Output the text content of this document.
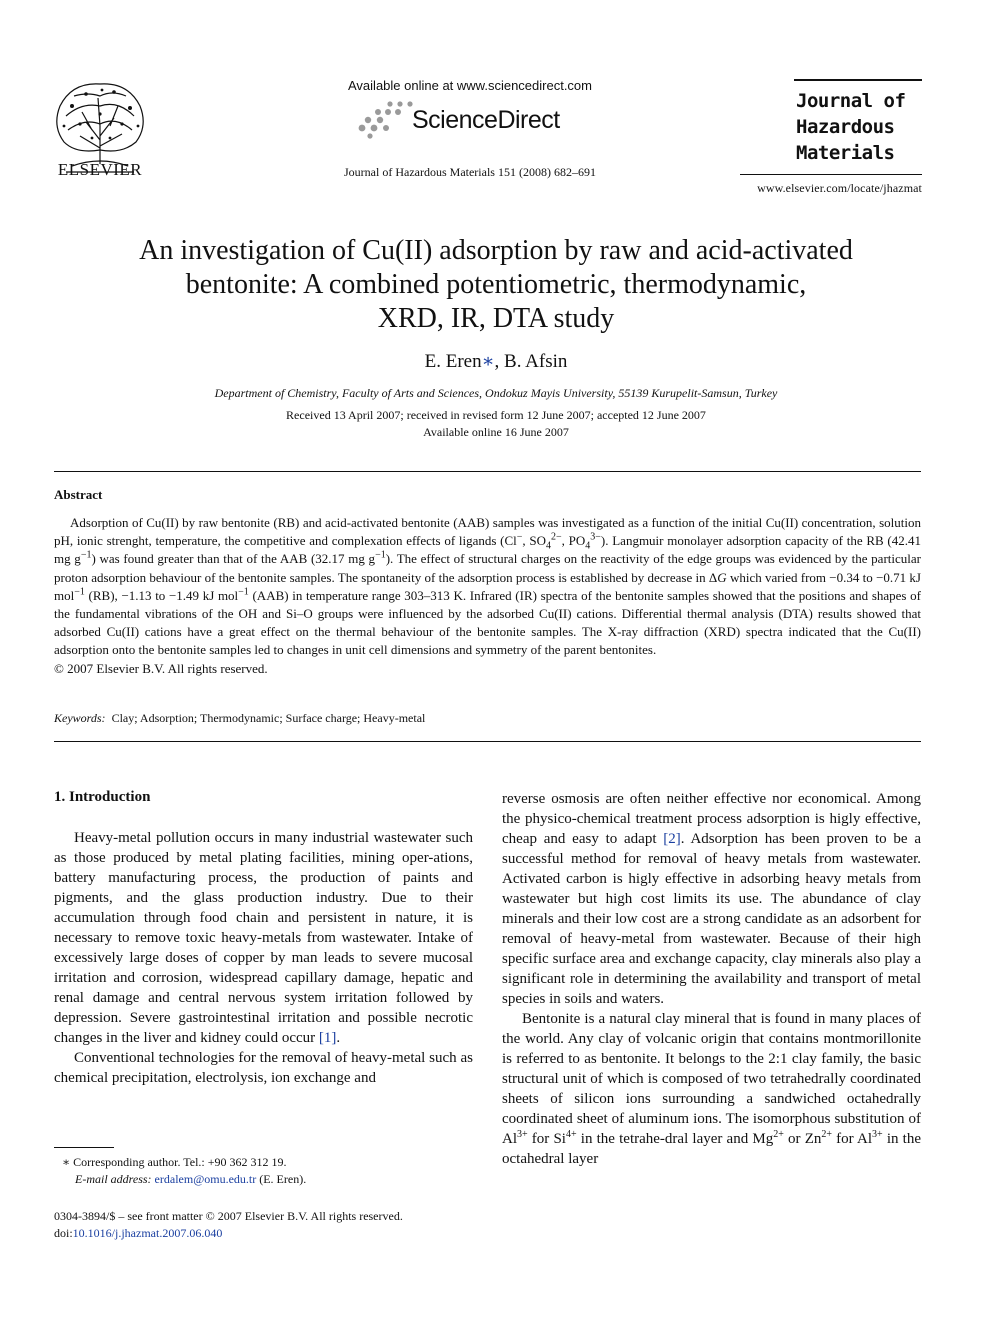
ELSEVIER
Available online at www.sciencedirect.com
ScienceDirect
Journal of Hazardous Materials 151 (2008) 682–691
Journal of
Hazardous
Materials
www.elsevier.com/locate/jhazmat
An investigation of Cu(II) adsorption by raw and acid-activated
bentonite: A combined potentiometric, thermodynamic,
XRD, IR, DTA study
E. Eren∗, B. Afsin
Department of Chemistry, Faculty of Arts and Sciences, Ondokuz Mayis University, 55139 Kurupelit-Samsun, Turkey
Received 13 April 2007; received in revised form 12 June 2007; accepted 12 June 2007
Available online 16 June 2007
Abstract

Adsorption of Cu(II) by raw bentonite (RB) and acid-activated bentonite (AAB) samples was investigated as a function of the initial Cu(II) concentration, solution pH, ionic strenght, temperature, the competitive and complexation effects of ligands (Cl−, $SO_4^{2-}$, $PO_4^{3-}$). Langmuir monolayer adsorption capacity of the RB (42.41 mg $g^{-1}$) was found greater than that of the AAB (32.17 mg $g^{-1}$). The effect of structural charges on the reactivity of the edge groups was evidenced by the particular proton adsorption behaviour of the bentonite samples. The spontaneity of the adsorption process is established by decrease in ΔG which varied from −0.34 to −0.71 kJ mol$^{-1}$ (RB), −1.13 to −1.49 kJ mol$^{-1}$ (AAB) in temperature range 303–313 K. Infrared (IR) spectra of the bentonite samples showed that the positions and shapes of the fundamental vibrations of the OH and Si–O groups were influenced by the adsorbed Cu(II) cations. Differential thermal analysis (DTA) results showed that adsorbed Cu(II) cations have a great effect on the thermal behaviour of the bentonite samples. The X-ray diffraction (XRD) spectra indicated that the Cu(II) adsorption onto the bentonite samples led to changes in unit cell dimensions and symmetry of the parent bentonites.

© 2007 Elsevier B.V. All rights reserved.

Keywords: Clay; Adsorption; Thermodynamic; Surface charge; Heavy-metal
1. Introduction

Heavy-metal pollution occurs in many industrial wastewater such as those produced by metal plating facilities, mining oper-ations, battery manufacturing process, the production of paints and pigments, and the glass production industry. Due to their accumulation through food chain and persistent in nature, it is necessary to remove toxic heavy-metals from wastewater. Intake of excessively large doses of copper by man leads to severe mucosal irritation and corrosion, widespread capillary damage, hepatic and renal damage and central nervous system irritation followed by depression. Severe gastrointestinal irritation and possible necrotic changes in the liver and kidney could occur [1].

Conventional technologies for the removal of heavy-metal such as chemical precipitation, electrolysis, ion exchange and

reverse osmosis are often neither effective nor economical. Among the physico-chemical treatment process adsorption is higly effective, cheap and easy to adapt [2]. Adsorption has been proven to be a successful method for removal of heavy metals from wastewater. Activated carbon is higly effective in adsorbing heavy metals from wastewater but high cost limits its use. The abundance of clay minerals and their low cost are a strong candidate as an adsorbent for removal of heavy-metal from wastewater. Because of their high specific surface area and exchange capacity, clay minerals also play a significant role in determining the availability and transport of metal species in soils and waters.

Bentonite is a natural clay mineral that is found in many places of the world. Any clay of volcanic origin that contains montmorillonite is referred to as bentonite. It belongs to the 2:1 clay family, the basic structural unit of which is composed of two tetrahedrally coordinated sheets of silicon ions surrounding a sandwiched octahedrally coordinated sheet of aluminum ions. The isomorphous substitution of $Al^{3+}$ for $Si^{4+}$ in the tetrahe-dral layer and $Mg^{2+}$ or $Zn^{2+}$ for $Al^{3+}$ in the octahedral layer

∗ Corresponding author. Tel.: +90 362 312 19.
E-mail address: erdalem@omu.edu.tr (E. Eren).
0304-3894/$ – see front matter © 2007 Elsevier B.V. All rights reserved.
doi:10.1016/j.jhazmat.2007.06.040
